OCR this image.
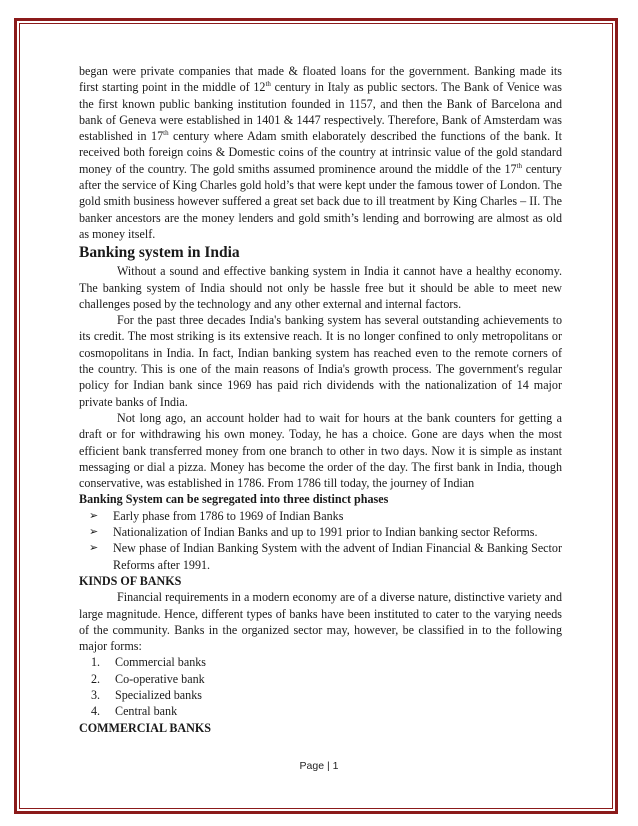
began were private companies that made & floated loans for the government. Banking made its first starting point in the middle of 12th century in Italy as public sectors. The Bank of Venice was the first known public banking institution founded in 1157, and then the Bank of Barcelona and bank of Geneva were established in 1401 & 1447 respectively. Therefore, Bank of Amsterdam was established in 17th century where Adam smith elaborately described the functions of the bank. It received both foreign coins & Domestic coins of the country at intrinsic value of the gold standard money of the country. The gold smiths assumed prominence around the middle of the 17th century after the service of King Charles gold hold’s that were kept under the famous tower of London. The gold smith business however suffered a great set back due to ill treatment by King Charles – II. The banker ancestors are the money lenders and gold smith’s lending and borrowing are almost as old as money itself.

Banking system in India

Without a sound and effective banking system in India it cannot have a healthy economy. The banking system of India should not only be hassle free but it should be able to meet new challenges posed by the technology and any other external and internal factors.

For the past three decades India's banking system has several outstanding achievements to its credit. The most striking is its extensive reach. It is no longer confined to only metropolitans or cosmopolitans in India. In fact, Indian banking system has reached even to the remote corners of the country. This is one of the main reasons of India's growth process. The government's regular policy for Indian bank since 1969 has paid rich dividends with the nationalization of 14 major private banks of India.

Not long ago, an account holder had to wait for hours at the bank counters for getting a draft or for withdrawing his own money. Today, he has a choice. Gone are days when the most efficient bank transferred money from one branch to other in two days. Now it is simple as instant messaging or dial a pizza. Money has become the order of the day. The first bank in India, though conservative, was established in 1786. From 1786 till today, the journey of Indian

Banking System can be segregated into three distinct phases

➢ Early phase from 1786 to 1969 of Indian Banks
➢ Nationalization of Indian Banks and up to 1991 prior to Indian banking sector Reforms.
➢ New phase of Indian Banking System with the advent of Indian Financial & Banking Sector Reforms after 1991.

KINDS OF BANKS

Financial requirements in a modern economy are of a diverse nature, distinctive variety and large magnitude. Hence, different types of banks have been instituted to cater to the varying needs of the community. Banks in the organized sector may, however, be classified in to the following major forms:

1. Commercial banks
2. Co-operative bank
3. Specialized banks
4. Central bank

COMMERCIAL BANKS

Page | 1
